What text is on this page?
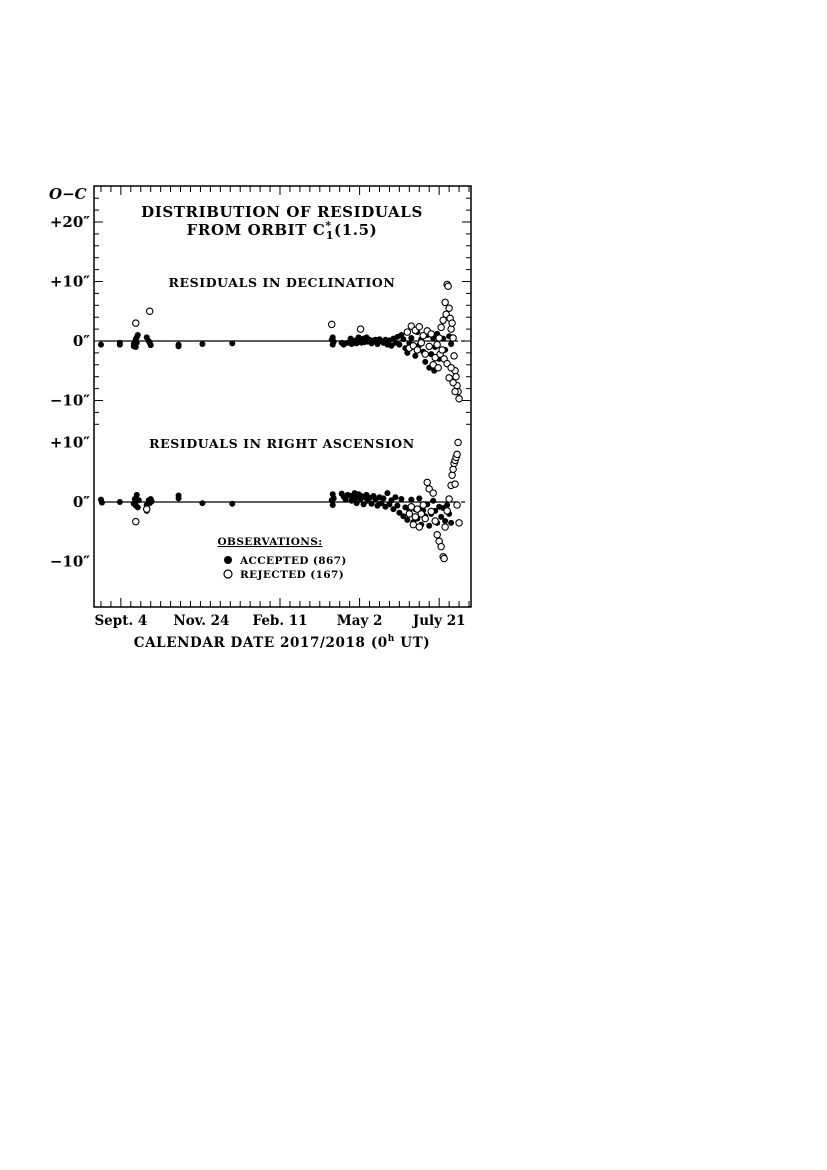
O−C
DISTRIBUTION OF RESIDUALS
FROM ORBIT C* 1(1.5)
RESIDUALS IN DECLINATION
RESIDUALS IN RIGHT ASCENSION
+20″
+10″
0″
−10″
+10″
0″
−10″
Sept. 4 Nov. 24 Feb. 11 May 2 July 21
CALENDAR DATE 2017/2018 (0$^h$ UT)
OBSERVATIONS:
ACCEPTED (867)
REJECTED (167)
